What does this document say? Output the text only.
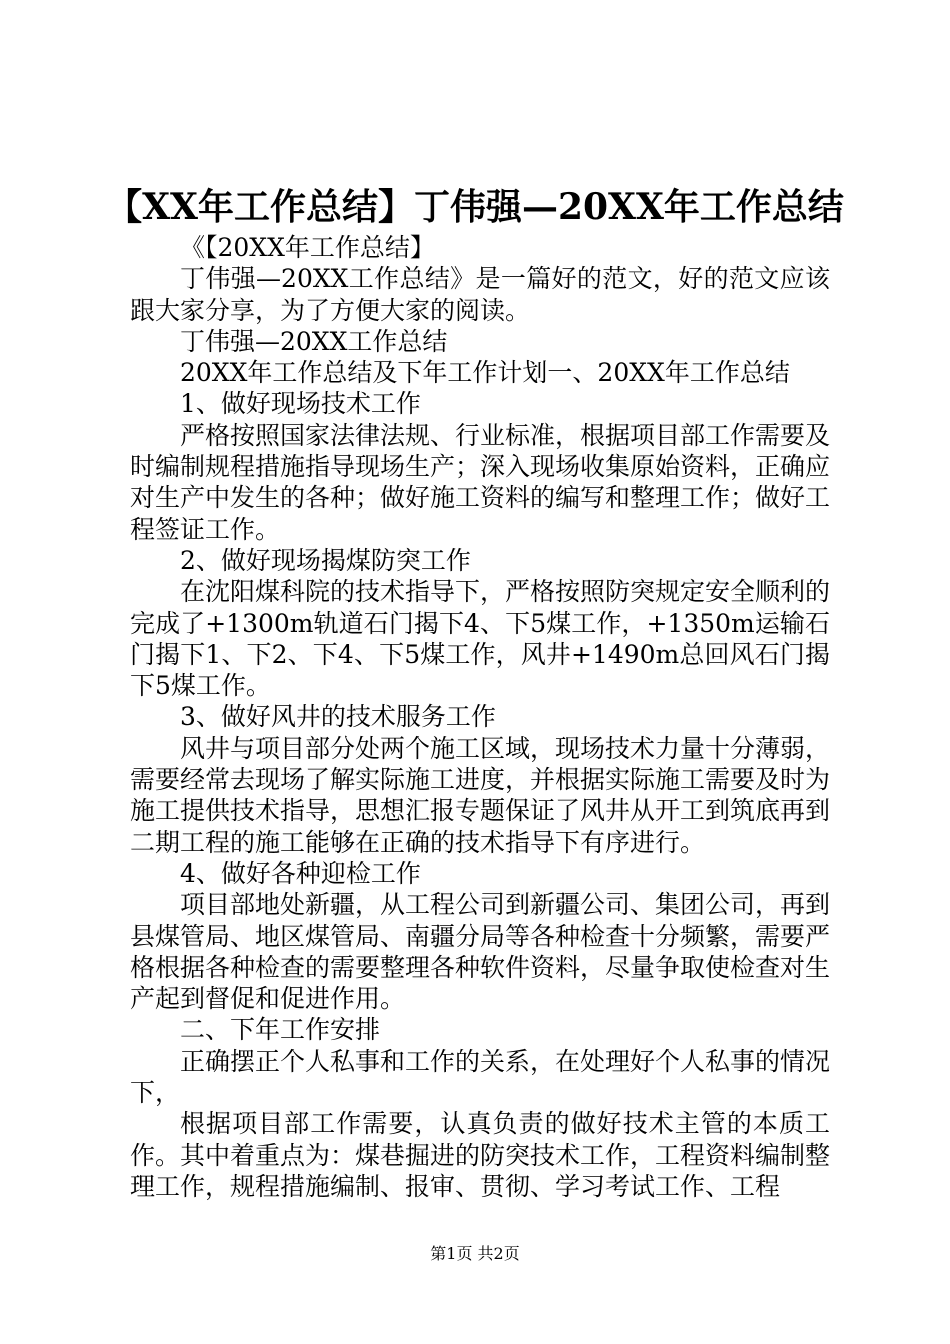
【XX年工作总结】丁伟强—20XX年工作总结

《【20XX年工作总结】

丁伟强—20XX工作总结》是一篇好的范文，好的范文应该跟大家分享，为了方便大家的阅读。

丁伟强—20XX工作总结

20XX年工作总结及下年工作计划一、20XX年工作总结

1、做好现场技术工作

严格按照国家法律法规、行业标准，根据项目部工作需要及时编制规程措施指导现场生产；深入现场收集原始资料，正确应对生产中发生的各种；做好施工资料的编写和整理工作；做好工程签证工作。

2、做好现场揭煤防突工作

在沈阳煤科院的技术指导下，严格按照防突规定安全顺利的完成了+1300m轨道石门揭下4、下5煤工作，+1350m运输石门揭下1、下2、下4、下5煤工作，风井+1490m总回风石门揭下5煤工作。

3、做好风井的技术服务工作

风井与项目部分处两个施工区域，现场技术力量十分薄弱，需要经常去现场了解实际施工进度，并根据实际施工需要及时为施工提供技术指导，思想汇报专题保证了风井从开工到筑底再到二期工程的施工能够在正确的技术指导下有序进行。

4、做好各种迎检工作

项目部地处新疆，从工程公司到新疆公司、集团公司，再到县煤管局、地区煤管局、南疆分局等各种检查十分频繁，需要严格根据各种检查的需要整理各种软件资料，尽量争取使检查对生产起到督促和促进作用。

二、下年工作安排

正确摆正个人私事和工作的关系，在处理好个人私事的情况下，

根据项目部工作需要，认真负责的做好技术主管的本质工作。其中着重点为：煤巷掘进的防突技术工作，工程资料编制整理工作，规程措施编制、报审、贯彻、学习考试工作、工程

第1页 共2页
